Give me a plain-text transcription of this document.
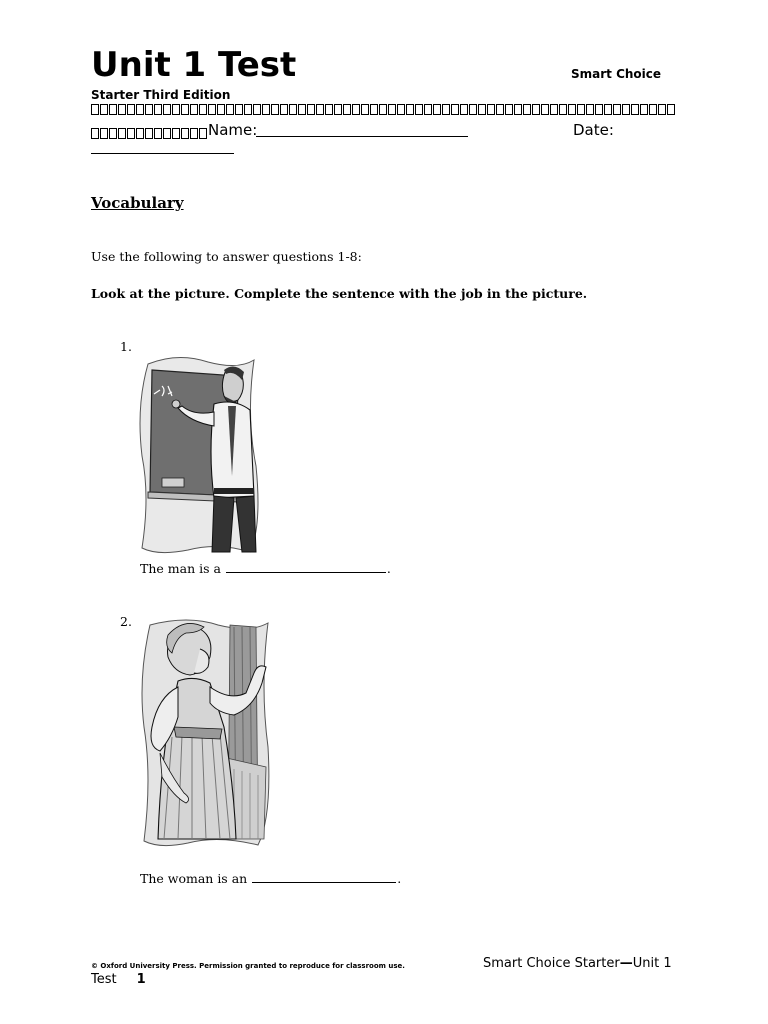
Unit 1 Test	Smart Choice
Starter Third Edition
Name:	Date:
Vocabulary
Use the following to answer questions 1-8:
Look at the picture. Complete the sentence with the job in the picture.
1.
The man is a	.
2.
The woman is an	.
© Oxford University Press. Permission granted to reproduce for classroom use.	Smart Choice Starter—Unit 1
Test 1
